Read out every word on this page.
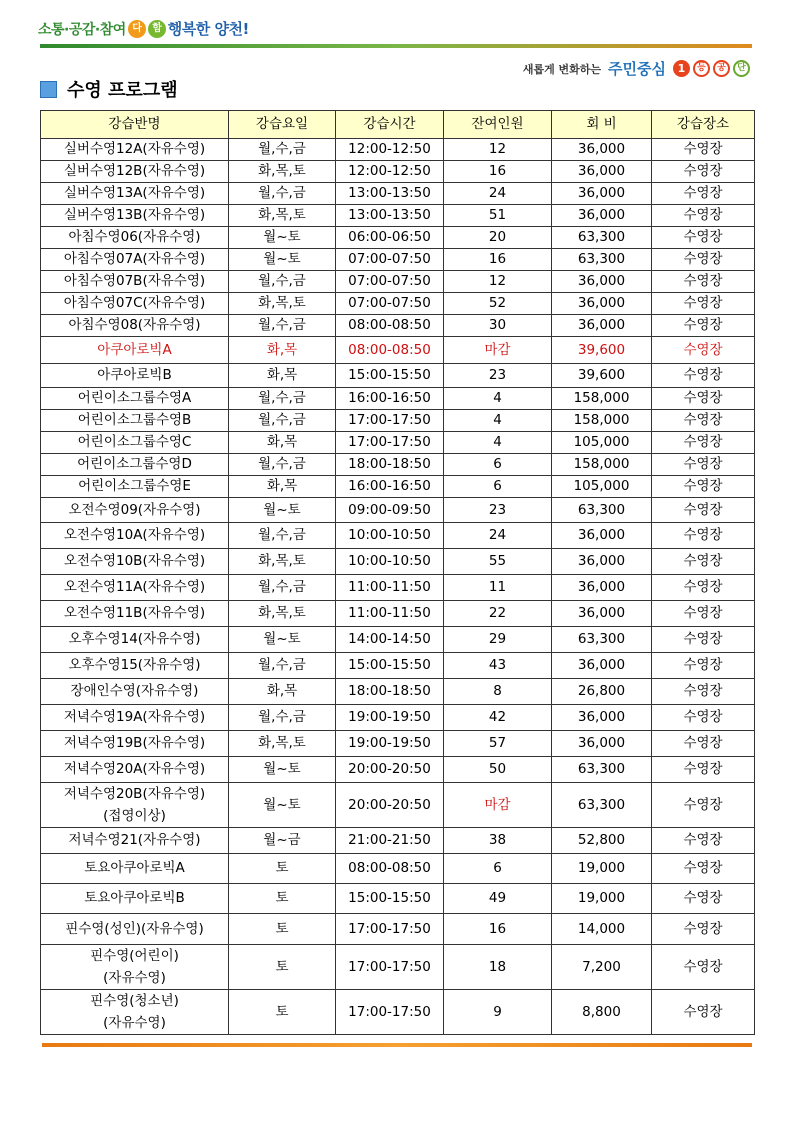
소통·공감·참여 다	함 행복한 양천!
새롭게 변화하는 주민중심	1	등	공	단
수영 프로그램
강습반명	강습요일	강습시간	잔여인원	회 비	강습장소
실버수영12A(자유수영)	월,수,금	12:00-12:50	12	36,000	수영장
실버수영12B(자유수영)	화,목,토	12:00-12:50	16	36,000	수영장
실버수영13A(자유수영)	월,수,금	13:00-13:50	24	36,000	수영장
실버수영13B(자유수영)	화,목,토	13:00-13:50	51	36,000	수영장
아침수영06(자유수영)	월~토	06:00-06:50	20	63,300	수영장
아침수영07A(자유수영)	월~토	07:00-07:50	16	63,300	수영장
아침수영07B(자유수영)	월,수,금	07:00-07:50	12	36,000	수영장
아침수영07C(자유수영)	화,목,토	07:00-07:50	52	36,000	수영장
아침수영08(자유수영)	월,수,금	08:00-08:50	30	36,000	수영장
아쿠아로빅A	화,목	08:00-08:50	마감	39,600	수영장
아쿠아로빅B	화,목	15:00-15:50	23	39,600	수영장
어린이소그룹수영A	월,수,금	16:00-16:50	4	158,000	수영장
어린이소그룹수영B	월,수,금	17:00-17:50	4	158,000	수영장
어린이소그룹수영C	화,목	17:00-17:50	4	105,000	수영장
어린이소그룹수영D	월,수,금	18:00-18:50	6	158,000	수영장
어린이소그룹수영E	화,목	16:00-16:50	6	105,000	수영장
오전수영09(자유수영)	월~토	09:00-09:50	23	63,300	수영장
오전수영10A(자유수영)	월,수,금	10:00-10:50	24	36,000	수영장
오전수영10B(자유수영)	화,목,토	10:00-10:50	55	36,000	수영장
오전수영11A(자유수영)	월,수,금	11:00-11:50	11	36,000	수영장
오전수영11B(자유수영)	화,목,토	11:00-11:50	22	36,000	수영장
오후수영14(자유수영)	월~토	14:00-14:50	29	63,300	수영장
오후수영15(자유수영)	월,수,금	15:00-15:50	43	36,000	수영장
장애인수영(자유수영)	화,목	18:00-18:50	8	26,800	수영장
저녁수영19A(자유수영)	월,수,금	19:00-19:50	42	36,000	수영장
저녁수영19B(자유수영)	화,목,토	19:00-19:50	57	36,000	수영장
저녁수영20A(자유수영)	월~토	20:00-20:50	50	63,300	수영장
저녁수영20B(자유수영)
(접영이상)	월~토	20:00-20:50	마감	63,300	수영장
저녁수영21(자유수영)	월~금	21:00-21:50	38	52,800	수영장
토요아쿠아로빅A	토	08:00-08:50	6	19,000	수영장
토요아쿠아로빅B	토	15:00-15:50	49	19,000	수영장
핀수영(성인)(자유수영)	토	17:00-17:50	16	14,000	수영장
핀수영(어린이)
(자유수영)	토	17:00-17:50	18	7,200	수영장
핀수영(청소년)
(자유수영)	토	17:00-17:50	9	8,800	수영장
